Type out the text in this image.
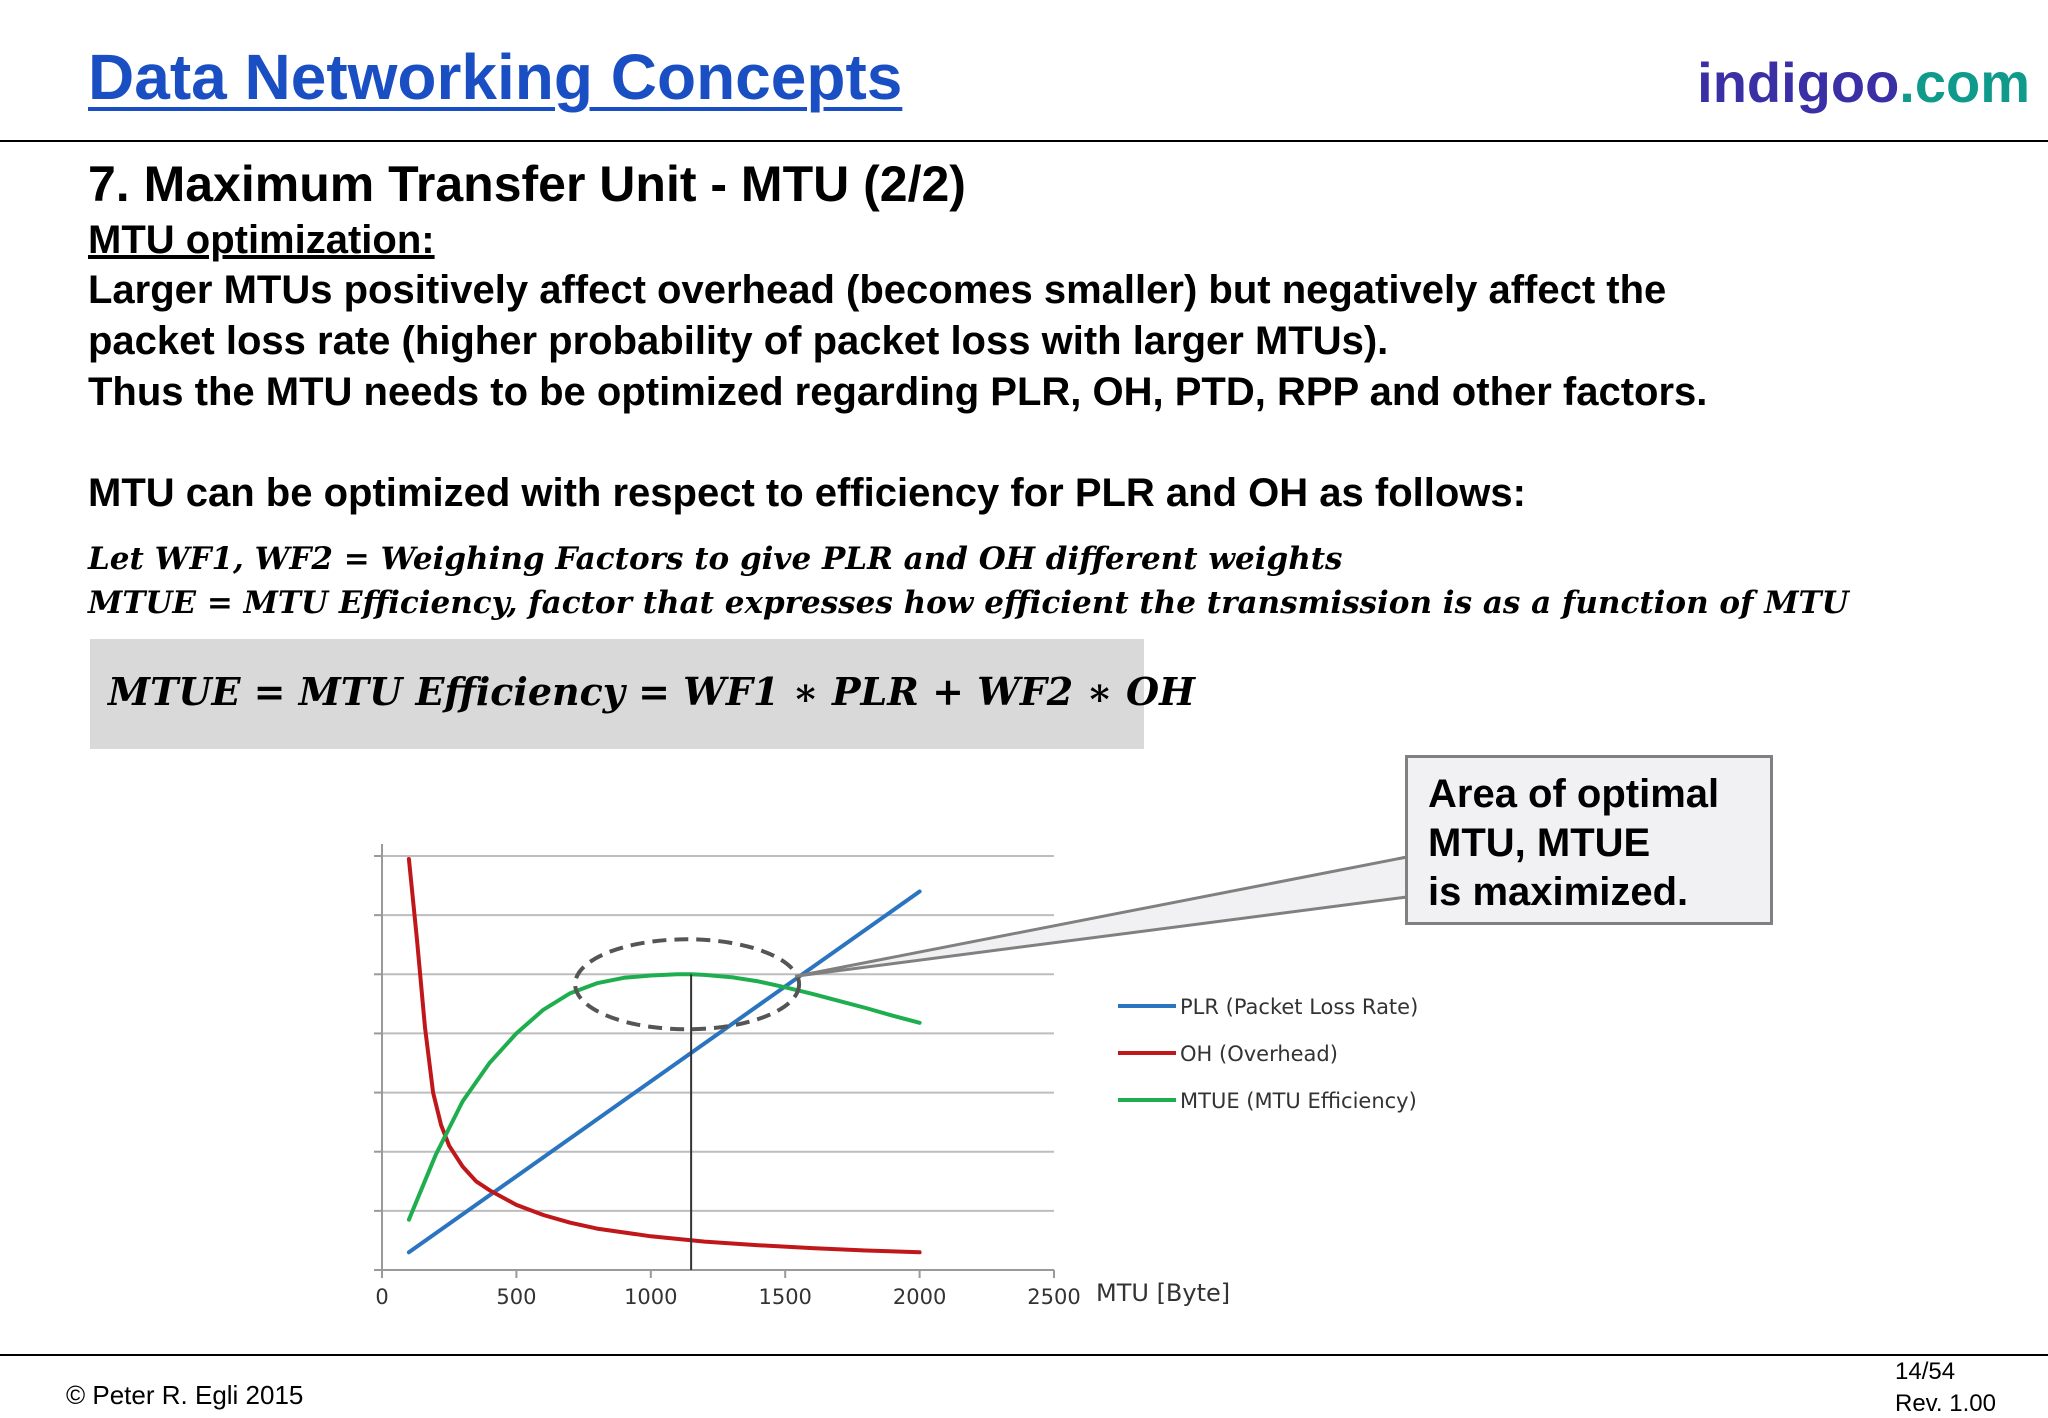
Data Networking Concepts	indigoo.com
7. Maximum Transfer Unit - MTU (2/2)
MTU optimization:
Larger MTUs positively affect overhead (becomes smaller) but negatively affect the
packet loss rate (higher probability of packet loss with larger MTUs).
Thus the MTU needs to be optimized regarding PLR, OH, PTD, RPP and other factors.
MTU can be optimized with respect to efficiency for PLR and OH as follows:
Let WF1, WF2 = Weighing Factors to give PLR and OH different weights
MTUE = MTU Efficiency, factor that expresses how efficient the transmission is as a function of MTU
MTUE = MTU Efficiency = WF1 ∗ PLR + WF2 ∗ OH
0	500	1000	1500	2000	2500
PLR (Packet Loss Rate)
OH (Overhead)
MTUE (MTU Efficiency)
MTU [Byte]
Area of optimal
MTU, MTUE
is maximized.
© Peter R. Egli 2015
14/54
Rev. 1.00
